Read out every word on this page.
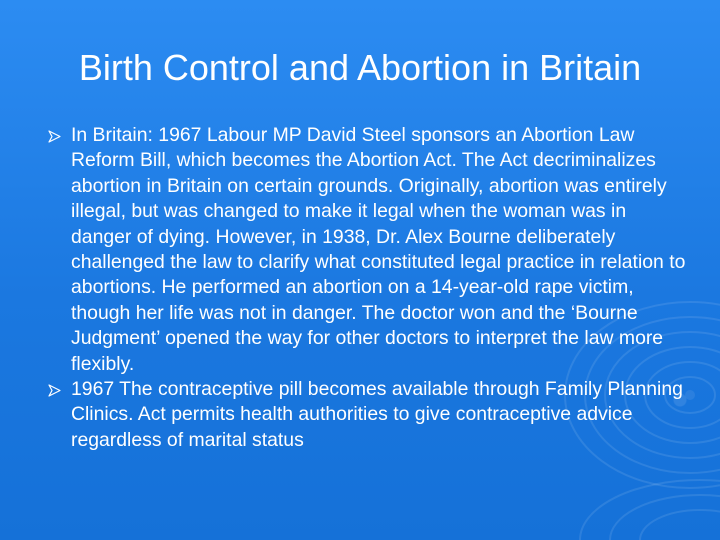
Birth Control and Abortion in Britain

In Britain: 1967 Labour MP David Steel sponsors an Abortion Law Reform Bill, which becomes the Abortion Act. The Act decriminalizes abortion in Britain on certain grounds. Originally, abortion was entirely illegal, but was changed to make it legal when the woman was in danger of dying. However, in 1938, Dr. Alex Bourne deliberately challenged the law to clarify what constituted legal practice in relation to abortions. He performed an abortion on a 14-year-old rape victim, though her life was not in danger. The doctor won and the ‘Bourne Judgment’ opened the way for other doctors to interpret the law more flexibly.

1967 The contraceptive pill becomes available through Family Planning Clinics. Act permits health authorities to give contraceptive advice regardless of marital status
